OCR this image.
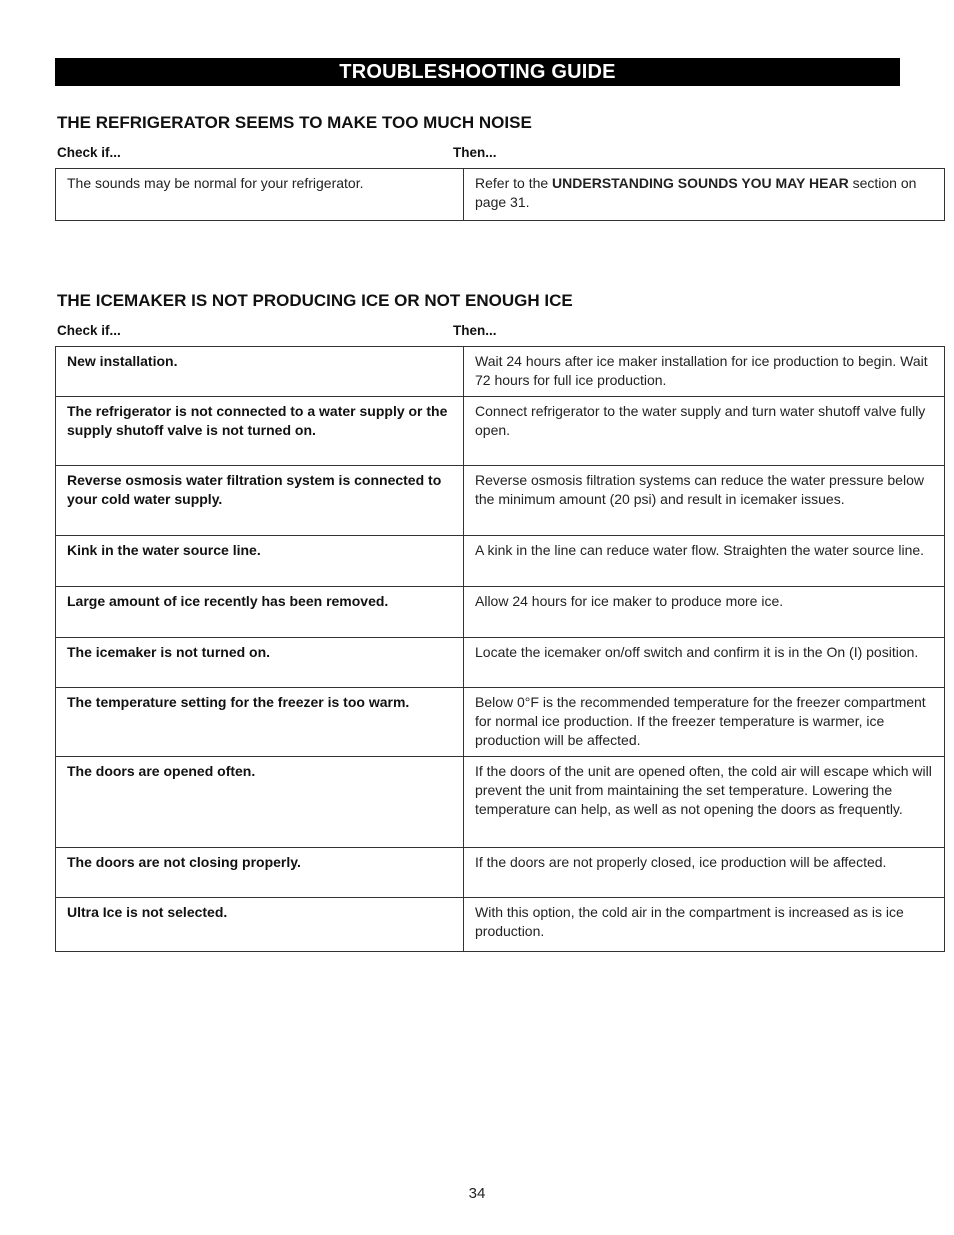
TROUBLESHOOTING GUIDE
THE REFRIGERATOR SEEMS TO MAKE TOO MUCH NOISE
Check if...	Then...
The sounds may be normal for your refrigerator.	Refer to the UNDERSTANDING SOUNDS YOU MAY HEAR section on page 31.
THE ICEMAKER IS NOT PRODUCING ICE OR NOT ENOUGH ICE
Check if...	Then...
New installation.	Wait 24 hours after ice maker installation for ice production to begin. Wait 72 hours for full ice production.
The refrigerator is not connected to a water supply or the supply shutoff valve is not turned on.	Connect refrigerator to the water supply and turn water shutoff valve fully open.
Reverse osmosis water filtration system is connected to your cold water supply.	Reverse osmosis filtration systems can reduce the water pressure below the minimum amount (20 psi) and result in icemaker issues.
Kink in the water source line.	A kink in the line can reduce water flow. Straighten the water source line.
Large amount of ice recently has been removed.	Allow 24 hours for ice maker to produce more ice.
The icemaker is not turned on.	Locate the icemaker on/off switch and confirm it is in the On (I) position.
The temperature setting for the freezer is too warm.	Below 0°F is the recommended temperature for the freezer compartment for normal ice production. If the freezer temperature is warmer, ice production will be affected.
The doors are opened often.	If the doors of the unit are opened often, the cold air will escape which will prevent the unit from maintaining the set temperature. Lowering the temperature can help, as well as not opening the doors as frequently.
The doors are not closing properly.	If the doors are not properly closed, ice production will be affected.
Ultra Ice is not selected.	With this option, the cold air in the compartment is increased as is ice production.
34
